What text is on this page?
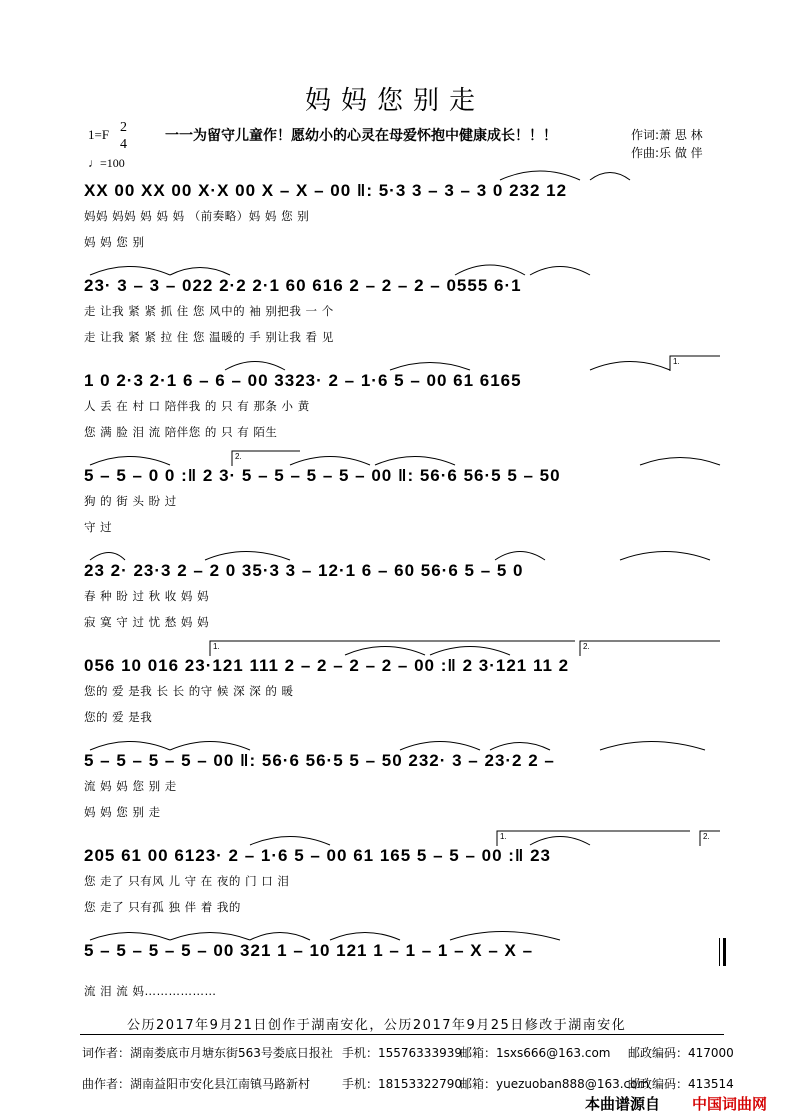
妈妈您别走
1=F 2
4
♩=100
一一为留守儿童作！愿幼小的心灵在母爱怀抱中健康成长！！！	作词:萧 思 林
作曲:乐 做 伴
1.
2.
1.	2.
1.	2.
XX 00 XX 00 X·X 00 X – X – 00 ‖: 5·3 3 – 3 – 3 0 232 12
妈妈 妈妈 妈 妈 妈 （前奏略）妈 妈 您 别
妈 妈 您 别
23· 3 – 3 – 022 2·2 2·1 60 616 2 – 2 – 2 – 0555 6·1
走 让我 紧 紧 抓 住 您 风中的 袖 别把我 一 个
走 让我 紧 紧 拉 住 您 温暖的 手 别让我 看 见
1 0 2·3 2·1 6 – 6 – 00 3323· 2 – 1·6 5 – 00 61 6165
人 丢 在 村 口 陪伴我 的 只 有 那条 小 黄
您 满 脸 泪 流 陪伴您 的 只 有 陌生
5 – 5 – 0 0 :‖ 2 3· 5 – 5 – 5 – 5 – 00 ‖: 56·6 56·5 5 – 50
狗 的 街 头 盼 过
守 过
23 2· 23·3 2 – 2 0 35·3 3 – 12·1 6 – 60 56·6 5 – 5 0
春 种 盼 过 秋 收 妈 妈
寂 寞 守 过 忧 愁 妈 妈
056 10 016 23·121 111 2 – 2 – 2 – 2 – 00 :‖ 2 3·121 11 2
您的 爱 是我 长 长 的守 候 深 深 的 暖
您的 爱 是我
5 – 5 – 5 – 5 – 00 ‖: 56·6 56·5 5 – 50 232· 3 – 23·2 2 –
流 妈 妈 您 别 走
妈 妈 您 别 走
205 61 00 6123· 2 – 1·6 5 – 00 61 165 5 – 5 – 00 :‖ 23
您 走了 只有风 儿 守 在 夜的 门 口 泪
您 走了 只有孤 独 伴 着 我的
5 – 5 – 5 – 5 – 00 321 1 – 10 121 1 – 1 – 1 – X – X –
流 泪 流 妈………………
公历2017年9月21日创作于湖南安化，公历2017年9月25日修改于湖南安化
词作者：湖南娄底市月塘东街563号娄底日报社 手机：15576333939
邮箱：1sxs666@163.com 邮政编码：417000
曲作者：湖南益阳市安化县江南镇马路新村	手机：18153322790
邮箱：yuezuoban888@163.com
邮政编码：413514
本曲谱源自 中国词曲网
